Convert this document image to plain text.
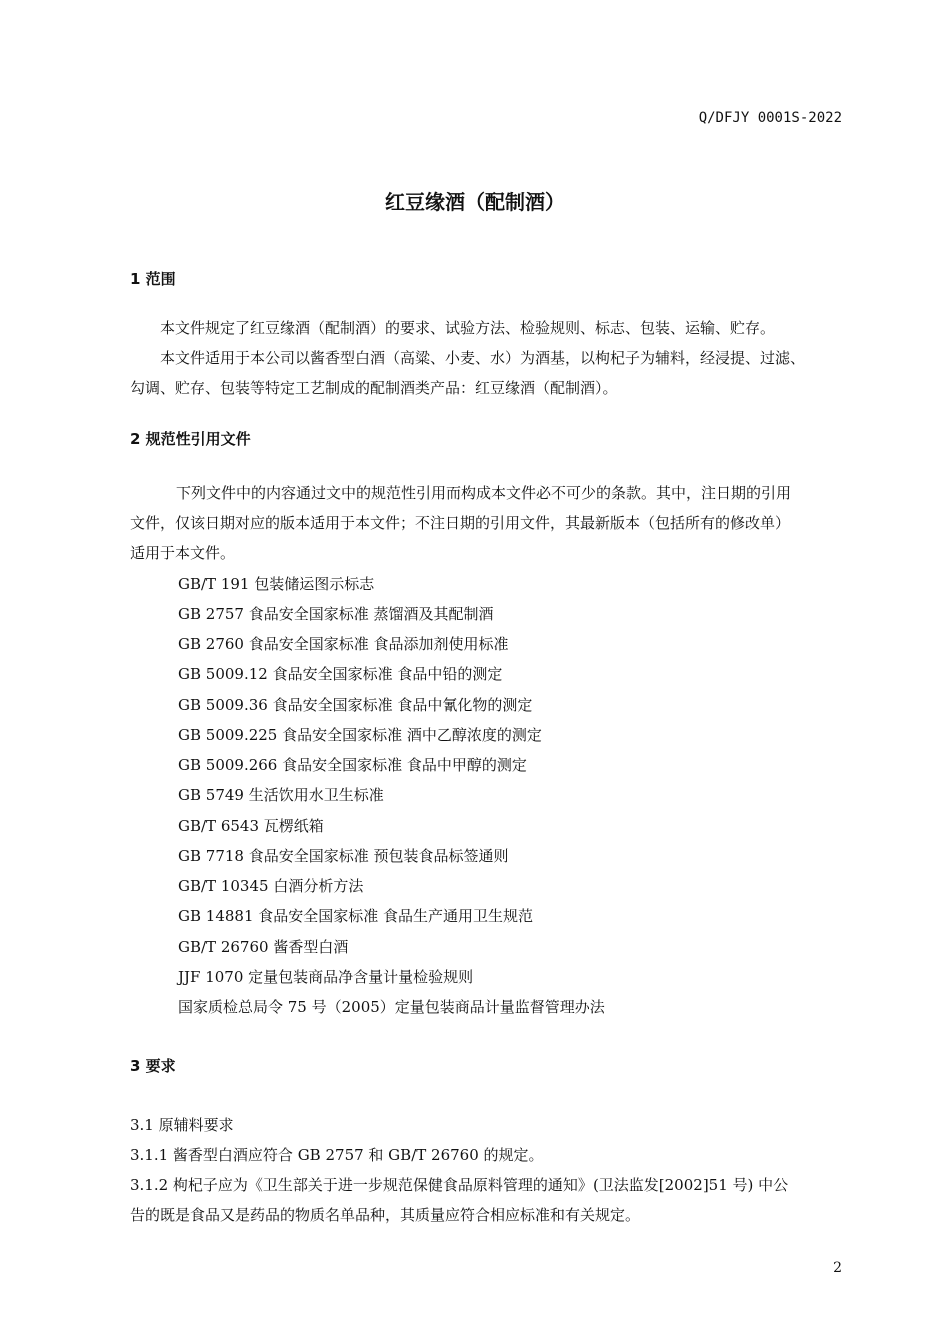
Q/DFJY 0001S-2022
红豆缘酒（配制酒）
1 范围
本文件规定了红豆缘酒（配制酒）的要求、试验方法、检验规则、标志、包装、运输、贮存。
本文件适用于本公司以酱香型白酒（高粱、小麦、水）为酒基，以枸杞子为辅料，经浸提、过滤、
勾调、贮存、包装等特定工艺制成的配制酒类产品：红豆缘酒（配制酒）。
2 规范性引用文件
下列文件中的内容通过文中的规范性引用而构成本文件必不可少的条款。其中，注日期的引用
文件，仅该日期对应的版本适用于本文件；不注日期的引用文件，其最新版本（包括所有的修改单）
适用于本文件。
GB/T 191 包装储运图示标志
GB 2757 食品安全国家标准 蒸馏酒及其配制酒
GB 2760 食品安全国家标准 食品添加剂使用标准
GB 5009.12 食品安全国家标准 食品中铅的测定
GB 5009.36 食品安全国家标准 食品中氰化物的测定
GB 5009.225 食品安全国家标准 酒中乙醇浓度的测定
GB 5009.266 食品安全国家标准 食品中甲醇的测定
GB 5749 生活饮用水卫生标准
GB/T 6543 瓦楞纸箱
GB 7718 食品安全国家标准 预包装食品标签通则
GB/T 10345 白酒分析方法
GB 14881 食品安全国家标准 食品生产通用卫生规范
GB/T 26760 酱香型白酒
JJF 1070 定量包装商品净含量计量检验规则
国家质检总局令 75 号（2005）定量包装商品计量监督管理办法
3 要求
3.1 原辅料要求
3.1.1 酱香型白酒应符合 GB 2757 和 GB/T 26760 的规定。
3.1.2 枸杞子应为《卫生部关于进一步规范保健食品原料管理的通知》(卫法监发[2002]51 号) 中公
告的既是食品又是药品的物质名单品种，其质量应符合相应标准和有关规定。
2
